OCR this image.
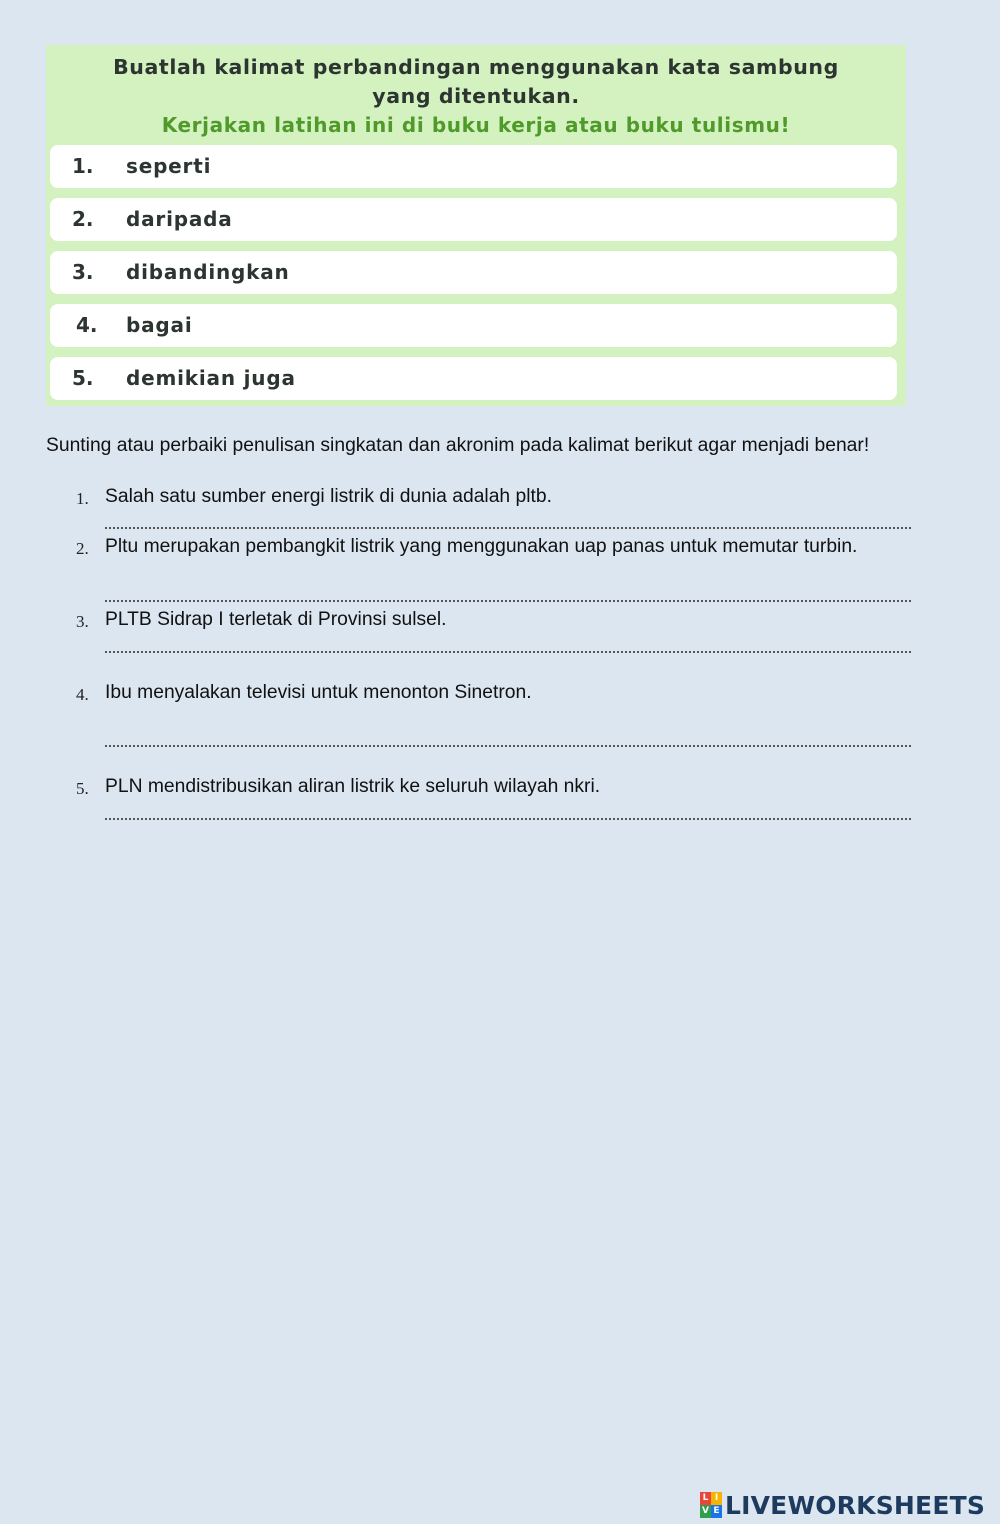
Buatlah kalimat perbandingan menggunakan kata sambung
yang ditentukan.
Kerjakan latihan ini di buku kerja atau buku tulismu!
1. seperti
2. daripada
3. dibandingkan
4. bagai
5. demikian juga
Sunting atau perbaiki penulisan singkatan dan akronim pada kalimat berikut agar menjadi benar!
1. Salah satu sumber energi listrik di dunia adalah pltb.
2. Pltu merupakan pembangkit listrik yang menggunakan uap panas untuk memutar turbin.
3. PLTB Sidrap I terletak di Provinsi sulsel.
4. Ibu menyalakan televisi untuk menonton Sinetron.
5. PLN mendistribusikan aliran listrik ke seluruh wilayah nkri.
L I
V E LIVEWORKSHEETS
